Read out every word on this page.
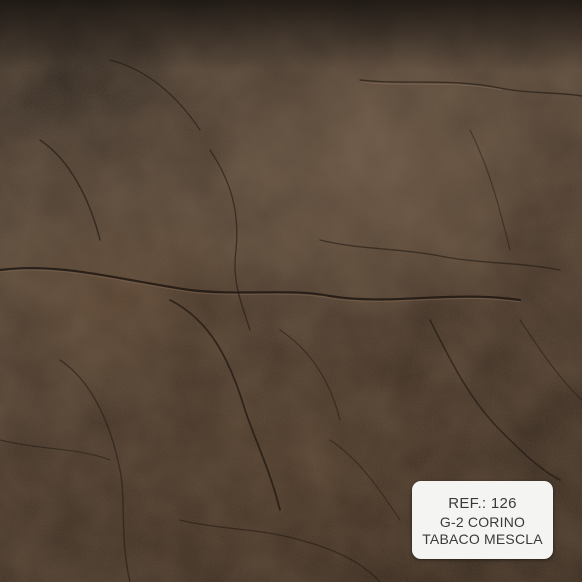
REF.: 126
G-2 CORINO
TABACO MESCLA
